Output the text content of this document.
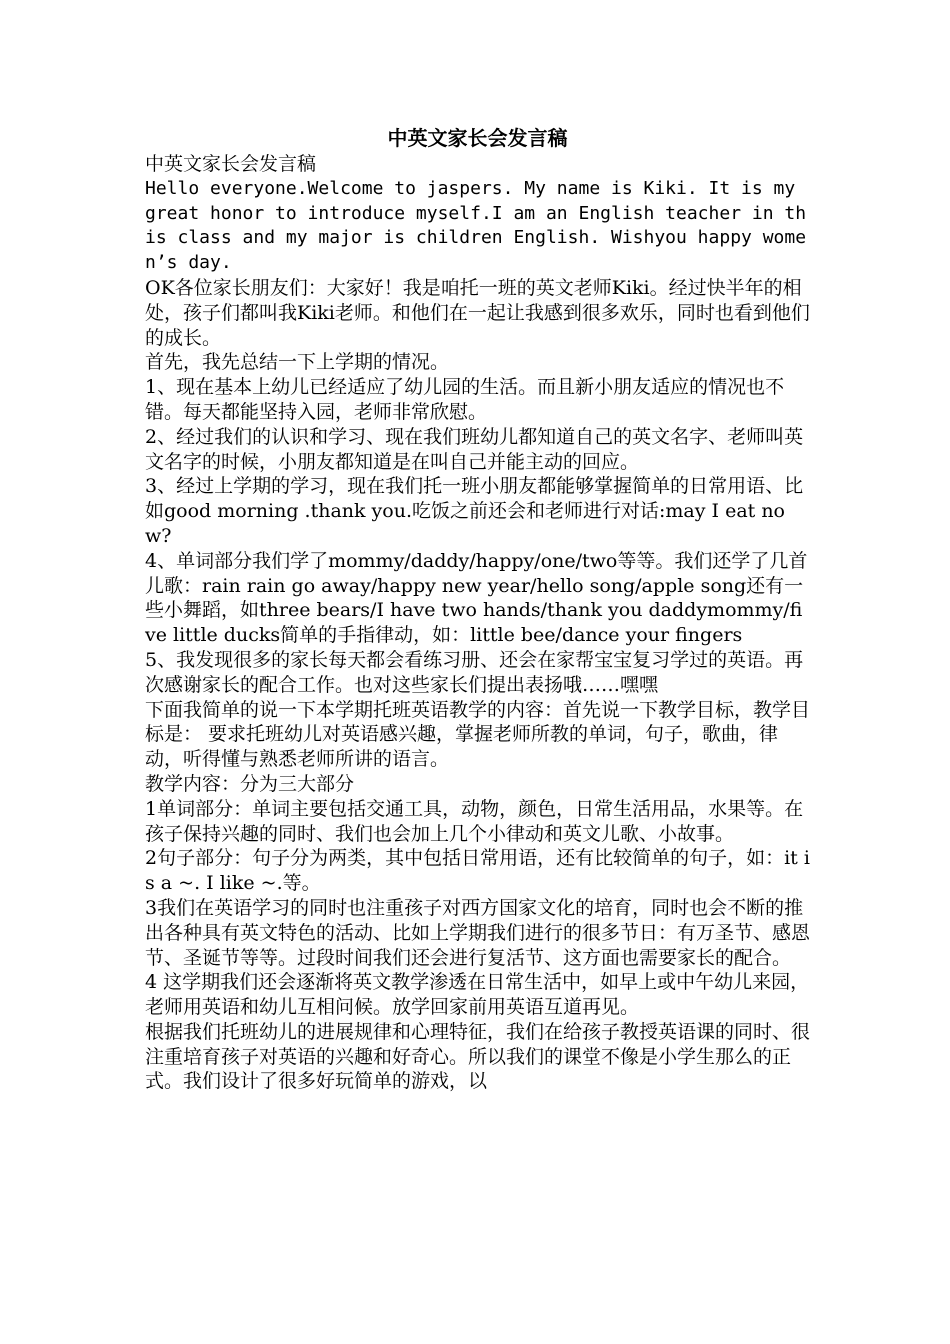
中英文家长会发言稿

中英文家长会发言稿

Hello everyone.Welcome to jaspers. My name is Kiki. It is my great honor to introduce myself.I am an English teacher in this class and my major is children English. Wishyou happy women’s day.

OK各位家长朋友们：大家好！我是咱托一班的英文老师Kiki。经过快半年的相处，孩子们都叫我Kiki老师。和他们在一起让我感到很多欢乐，同时也看到他们的成长。

首先，我先总结一下上学期的情况。

1、现在基本上幼儿已经适应了幼儿园的生活。而且新小朋友适应的情况也不错。每天都能坚持入园，老师非常欣慰。

2、经过我们的认识和学习、现在我们班幼儿都知道自己的英文名字、老师叫英文名字的时候，小朋友都知道是在叫自己并能主动的回应。

3、经过上学期的学习，现在我们托一班小朋友都能够掌握简单的日常用语、比如good morning .thank you.吃饭之前还会和老师进行对话:may I eat now?

4、单词部分我们学了mommy/daddy/happy/one/two等等。我们还学了几首儿歌：rain rain go away/happy new year/hello song/apple song还有一些小舞蹈，如three bears/I have two hands/thank you daddymommy/five little ducks简单的手指律动，如：little bee/dance your fingers

5、我发现很多的家长每天都会看练习册、还会在家帮宝宝复习学过的英语。再次感谢家长的配合工作。也对这些家长们提出表扬哦……嘿嘿

下面我简单的说一下本学期托班英语教学的内容：首先说一下教学目标，教学目标是： 要求托班幼儿对英语感兴趣，掌握老师所教的单词，句子，歌曲，律动，听得懂与熟悉老师所讲的语言。

教学内容：分为三大部分

1单词部分：单词主要包括交通工具，动物，颜色，日常生活用品，水果等。在孩子保持兴趣的同时、我们也会加上几个小律动和英文儿歌、小故事。

2句子部分：句子分为两类，其中包括日常用语，还有比较简单的句子，如：it is a ~. I like ~.等。

3我们在英语学习的同时也注重孩子对西方国家文化的培育，同时也会不断的推出各种具有英文特色的活动、比如上学期我们进行的很多节日：有万圣节、感恩节、圣诞节等等。过段时间我们还会进行复活节、这方面也需要家长的配合。

4 这学期我们还会逐渐将英文教学渗透在日常生活中，如早上或中午幼儿来园，老师用英语和幼儿互相问候。放学回家前用英语互道再见。

根据我们托班幼儿的进展规律和心理特征，我们在给孩子教授英语课的同时、很注重培育孩子对英语的兴趣和好奇心。所以我们的课堂不像是小学生那么的正式。我们设计了很多好玩简单的游戏，以
